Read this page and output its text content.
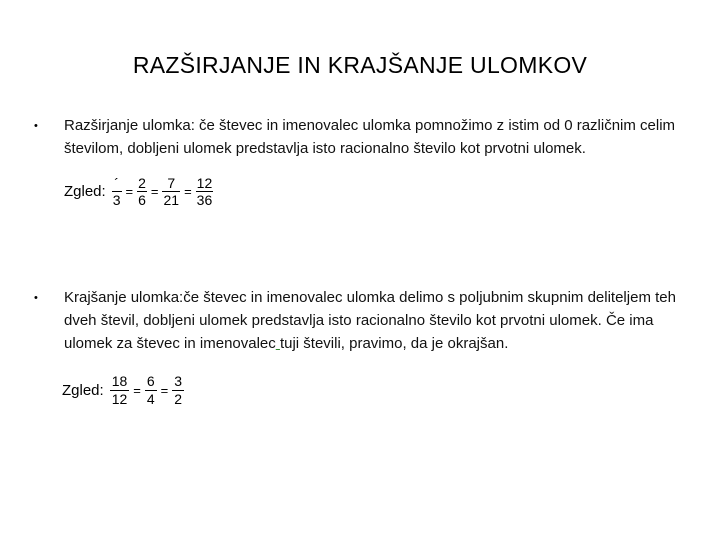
RAZŠIRJANJE IN KRAJŠANJE ULOMKOV
• Razširjanje ulomka: če števec in imenovalec ulomka pomnožimo z istim od 0 različnim celim številom, dobljeni ulomek predstavlja isto racionalno število kot prvotni ulomek.
Zgled: $\frac{´}{3} = \frac{2}{6} = \frac{7}{21} = \frac{12}{36}$
• Krajšanje ulomka:če števec in imenovalec ulomka delimo s poljubnim skupnim deliteljem teh dveh števil, dobljeni ulomek predstavlja isto racionalno število kot prvotni ulomek. Če ima ulomek za števec in imenovalec tuji števili, pravimo, da je okrajšan.
Zgled: $\frac{18}{12} = \frac{6}{4} = \frac{3}{2}$
